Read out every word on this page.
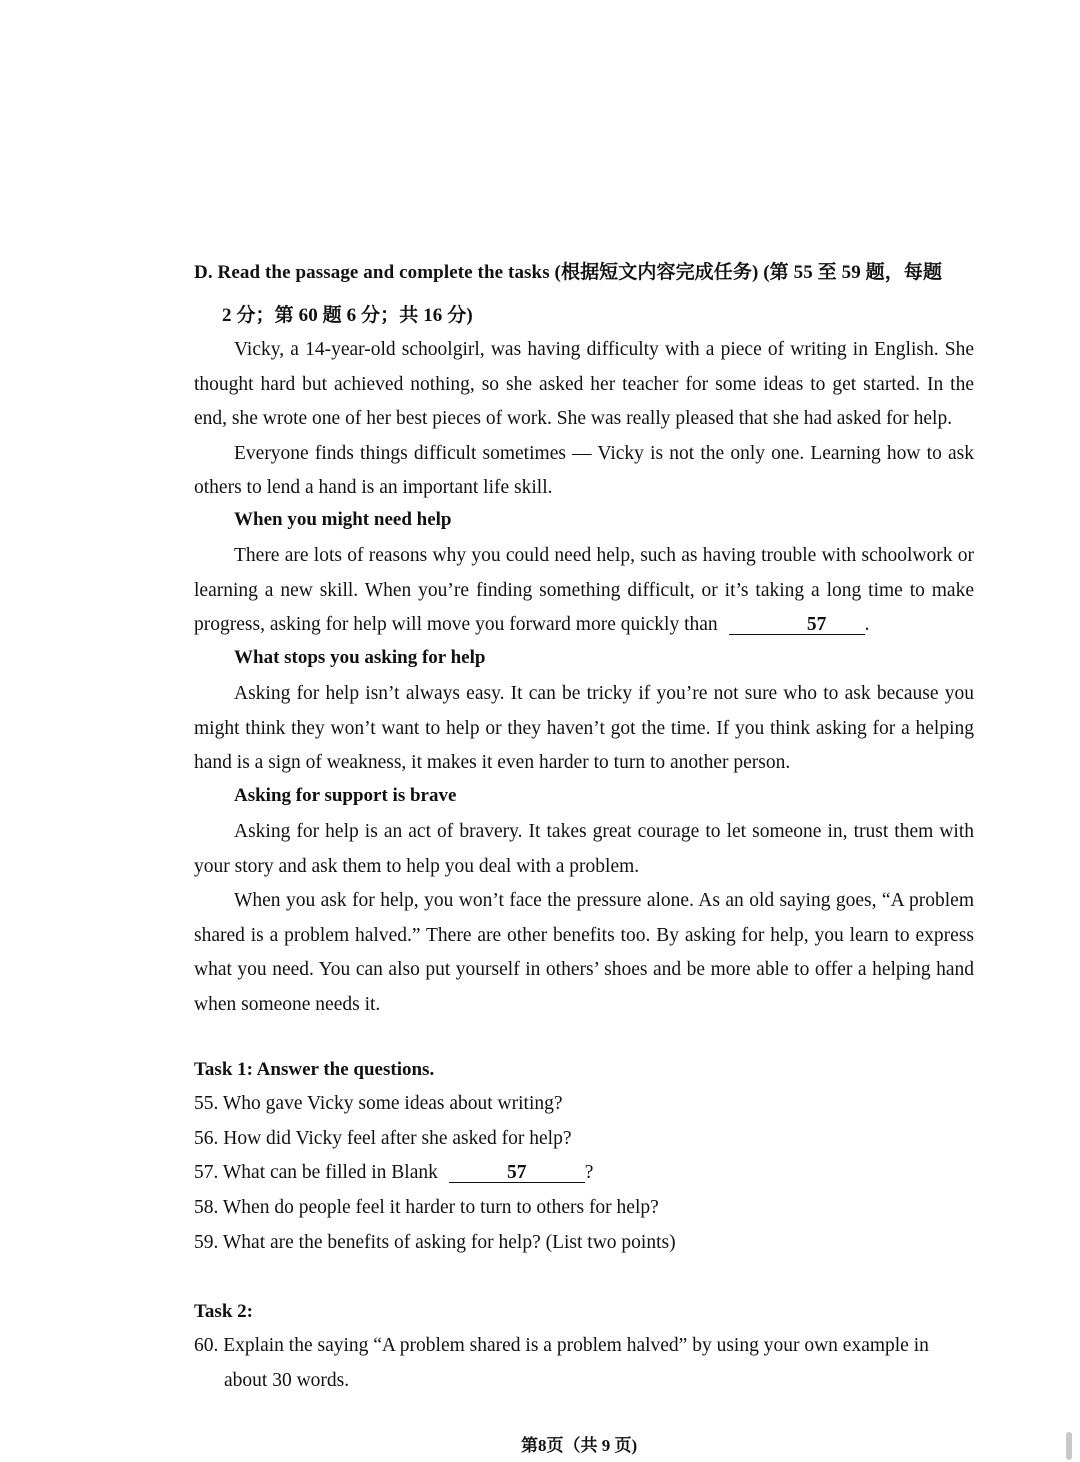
D. Read the passage and complete the tasks (根据短文内容完成任务) (第 55 至 59 题，每题
2 分；第 60 题 6 分；共 16 分)

Vicky, a 14-year-old schoolgirl, was having difficulty with a piece of writing in English. She thought hard but achieved nothing, so she asked her teacher for some ideas to get started. In the end, she wrote one of her best pieces of work. She was really pleased that she had asked for help.

Everyone finds things difficult sometimes — Vicky is not the only one. Learning how to ask others to lend a hand is an important life skill.

When you might need help

There are lots of reasons why you could need help, such as having trouble with schoolwork or learning a new skill. When you’re finding something difficult, or it’s taking a long time to make progress, asking for help will move you forward more quickly than	57 .

What stops you asking for help

Asking for help isn’t always easy. It can be tricky if you’re not sure who to ask because you might think they won’t want to help or they haven’t got the time. If you think asking for a helping hand is a sign of weakness, it makes it even harder to turn to another person.

Asking for support is brave

Asking for help is an act of bravery. It takes great courage to let someone in, trust them with your story and ask them to help you deal with a problem.

When you ask for help, you won’t face the pressure alone. As an old saying goes, “A problem shared is a problem halved.” There are other benefits too. By asking for help, you learn to express what you need. You can also put yourself in others’ shoes and be more able to offer a helping hand when someone needs it.

Task 1: Answer the questions.
55. Who gave Vicky some ideas about writing?
56. How did Vicky feel after she asked for help?
57. What can be filled in Blank	57	?
58. When do people feel it harder to turn to others for help?
59. What are the benefits of asking for help? (List two points)
Task 2:
60. Explain the saying “A problem shared is a problem halved” by using your own example in
about 30 words.
第8页（共 9 页)
